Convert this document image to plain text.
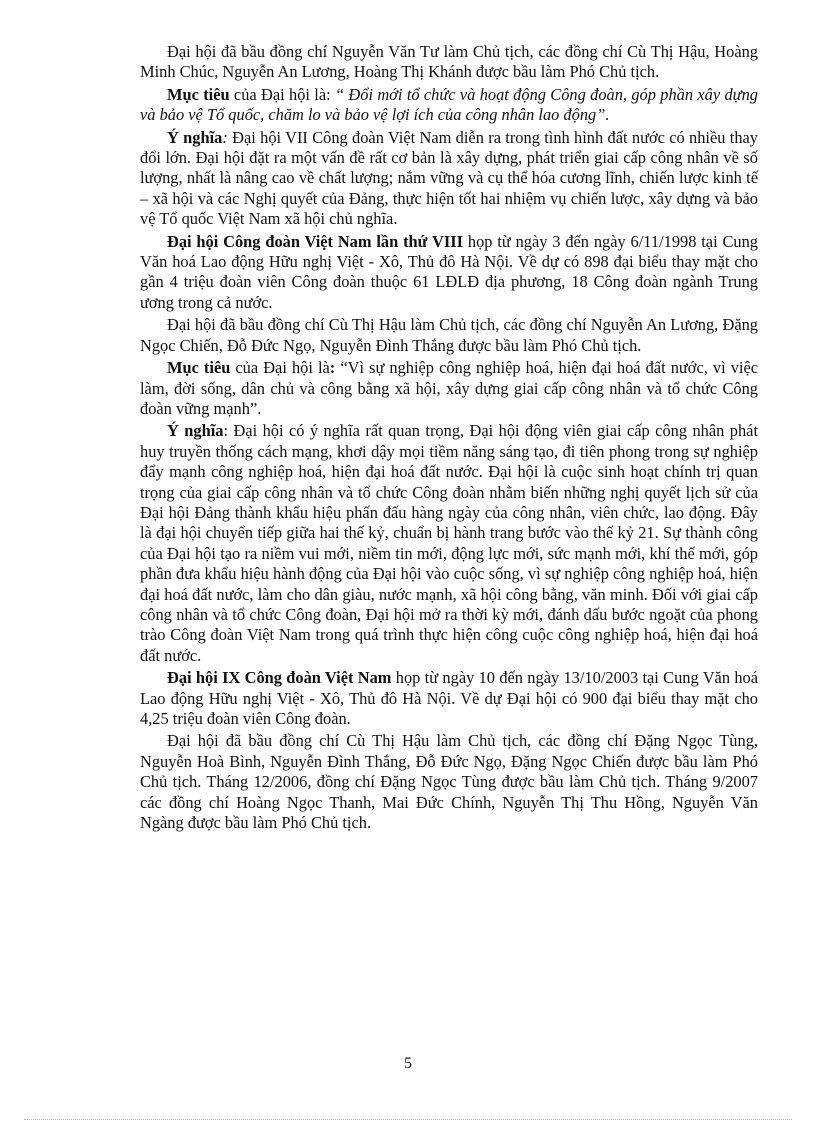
Đại hội đã bầu đồng chí Nguyễn Văn Tư làm Chủ tịch, các đồng chí Cù Thị Hậu, Hoàng Minh Chúc, Nguyễn An Lương, Hoàng Thị Khánh được bầu làm Phó Chủ tịch.

Mục tiêu của Đại hội là: “ Đổi mới tổ chức và hoạt động Công đoàn, góp phần xây dựng và bảo vệ Tổ quốc, chăm lo và bảo vệ lợi ích của công nhân lao động”.

Ý nghĩa: Đại hội VII Công đoàn Việt Nam diễn ra trong tình hình đất nước có nhiều thay đổi lớn. Đại hội đặt ra một vấn đề rất cơ bản là xây dựng, phát triển giai cấp công nhân về số lượng, nhất là nâng cao về chất lượng; nắm vững và cụ thể hóa cương lĩnh, chiến lược kinh tế – xã hội và các Nghị quyết của Đảng, thực hiện tốt hai nhiệm vụ chiến lược, xây dựng và bảo vệ Tổ quốc Việt Nam xã hội chủ nghĩa.

Đại hội Công đoàn Việt Nam lần thứ VIII họp từ ngày 3 đến ngày 6/11/1998 tại Cung Văn hoá Lao động Hữu nghị Việt - Xô, Thủ đô Hà Nội. Về dự có 898 đại biểu thay mặt cho gần 4 triệu đoàn viên Công đoàn thuộc 61 LĐLĐ địa phương, 18 Công đoàn ngành Trung ương trong cả nước.

Đại hội đã bầu đồng chí Cù Thị Hậu làm Chủ tịch, các đồng chí Nguyễn An Lương, Đặng Ngọc Chiến, Đỗ Đức Ngọ, Nguyễn Đình Thắng được bầu làm Phó Chủ tịch.

Mục tiêu của Đại hội là: “Vì sự nghiệp công nghiệp hoá, hiện đại hoá đất nước, vì việc làm, đời sống, dân chủ và công bằng xã hội, xây dựng giai cấp công nhân và tổ chức Công đoàn vững mạnh”.

Ý nghĩa: Đại hội có ý nghĩa rất quan trọng, Đại hội động viên giai cấp công nhân phát huy truyền thống cách mạng, khơi dậy mọi tiềm năng sáng tạo, đi tiên phong trong sự nghiệp đẩy mạnh công nghiệp hoá, hiện đại hoá đất nước. Đại hội là cuộc sinh hoạt chính trị quan trọng của giai cấp công nhân và tổ chức Công đoàn nhằm biến những nghị quyết lịch sử của Đại hội Đảng thành khẩu hiệu phấn đấu hàng ngày của công nhân, viên chức, lao động. Đây là đại hội chuyển tiếp giữa hai thế kỷ, chuẩn bị hành trang bước vào thế kỷ 21. Sự thành công của Đại hội tạo ra niềm vui mới, niềm tin mới, động lực mới, sức mạnh mới, khí thế mới, góp phần đưa khẩu hiệu hành động của Đại hội vào cuộc sống, vì sự nghiệp công nghiệp hoá, hiện đại hoá đất nước, làm cho dân giàu, nước mạnh, xã hội công bằng, văn minh. Đối với giai cấp công nhân và tổ chức Công đoàn, Đại hội mở ra thời kỳ mới, đánh dấu bước ngoặt của phong trào Công đoàn Việt Nam trong quá trình thực hiện công cuộc công nghiệp hoá, hiện đại hoá đất nước.

Đại hội IX Công đoàn Việt Nam họp từ ngày 10 đến ngày 13/10/2003 tại Cung Văn hoá Lao động Hữu nghị Việt - Xô, Thủ đô Hà Nội. Về dự Đại hội có 900 đại biểu thay mặt cho 4,25 triệu đoàn viên Công đoàn.

Đại hội đã bầu đồng chí Cù Thị Hậu làm Chủ tịch, các đồng chí Đặng Ngọc Tùng, Nguyễn Hoà Bình, Nguyễn Đình Thắng, Đỗ Đức Ngọ, Đặng Ngọc Chiến được bầu làm Phó Chủ tịch. Tháng 12/2006, đồng chí Đặng Ngọc Tùng được bầu làm Chủ tịch. Tháng 9/2007 các đồng chí Hoàng Ngọc Thanh, Mai Đức Chính, Nguyễn Thị Thu Hồng, Nguyễn Văn Ngàng được bầu làm Phó Chủ tịch.

5
